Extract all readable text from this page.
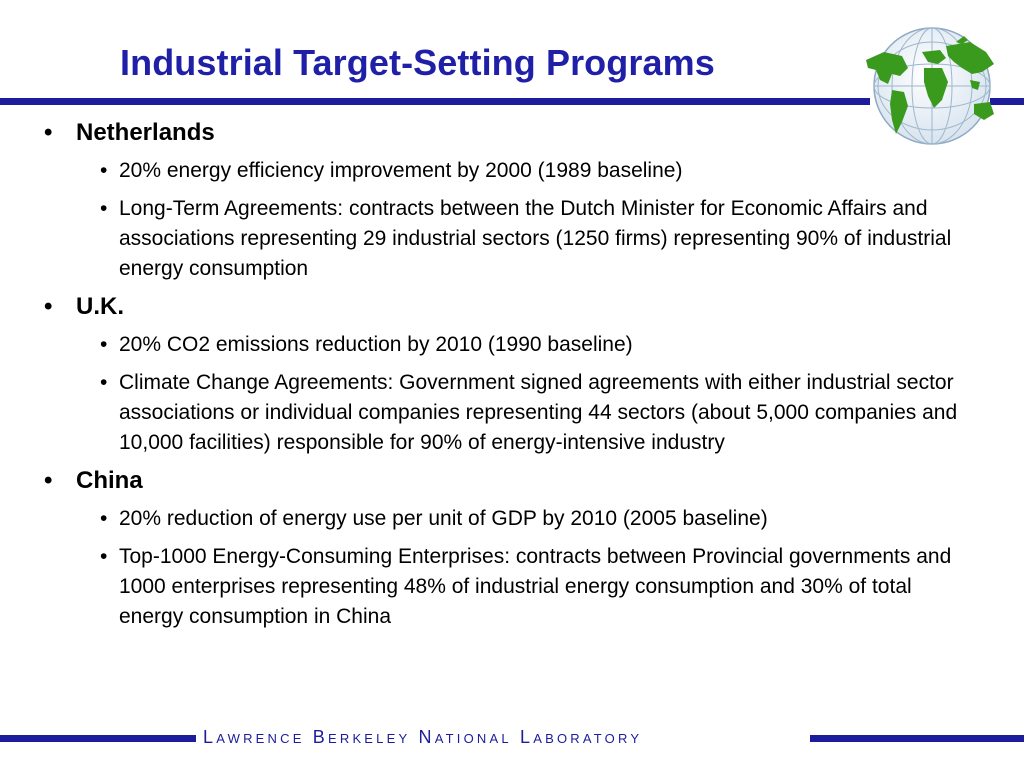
Industrial Target-Setting Programs
• Netherlands
• 20% energy efficiency improvement by 2000 (1989 baseline)
• Long-Term Agreements: contracts between the Dutch Minister for Economic Affairs and associations representing 29 industrial sectors (1250 firms) representing 90% of industrial energy consumption
• U.K.
• 20% CO2 emissions reduction by 2010 (1990 baseline)
• Climate Change Agreements: Government signed agreements with either industrial sector associations or individual companies representing 44 sectors (about 5,000 companies and 10,000 facilities) responsible for 90% of energy-intensive industry
• China
• 20% reduction of energy use per unit of GDP by 2010 (2005 baseline)
• Top-1000 Energy-Consuming Enterprises: contracts between Provincial governments and 1000 enterprises representing 48% of industrial energy consumption and 30% of total energy consumption in China
Lawrence Berkeley National Laboratory
